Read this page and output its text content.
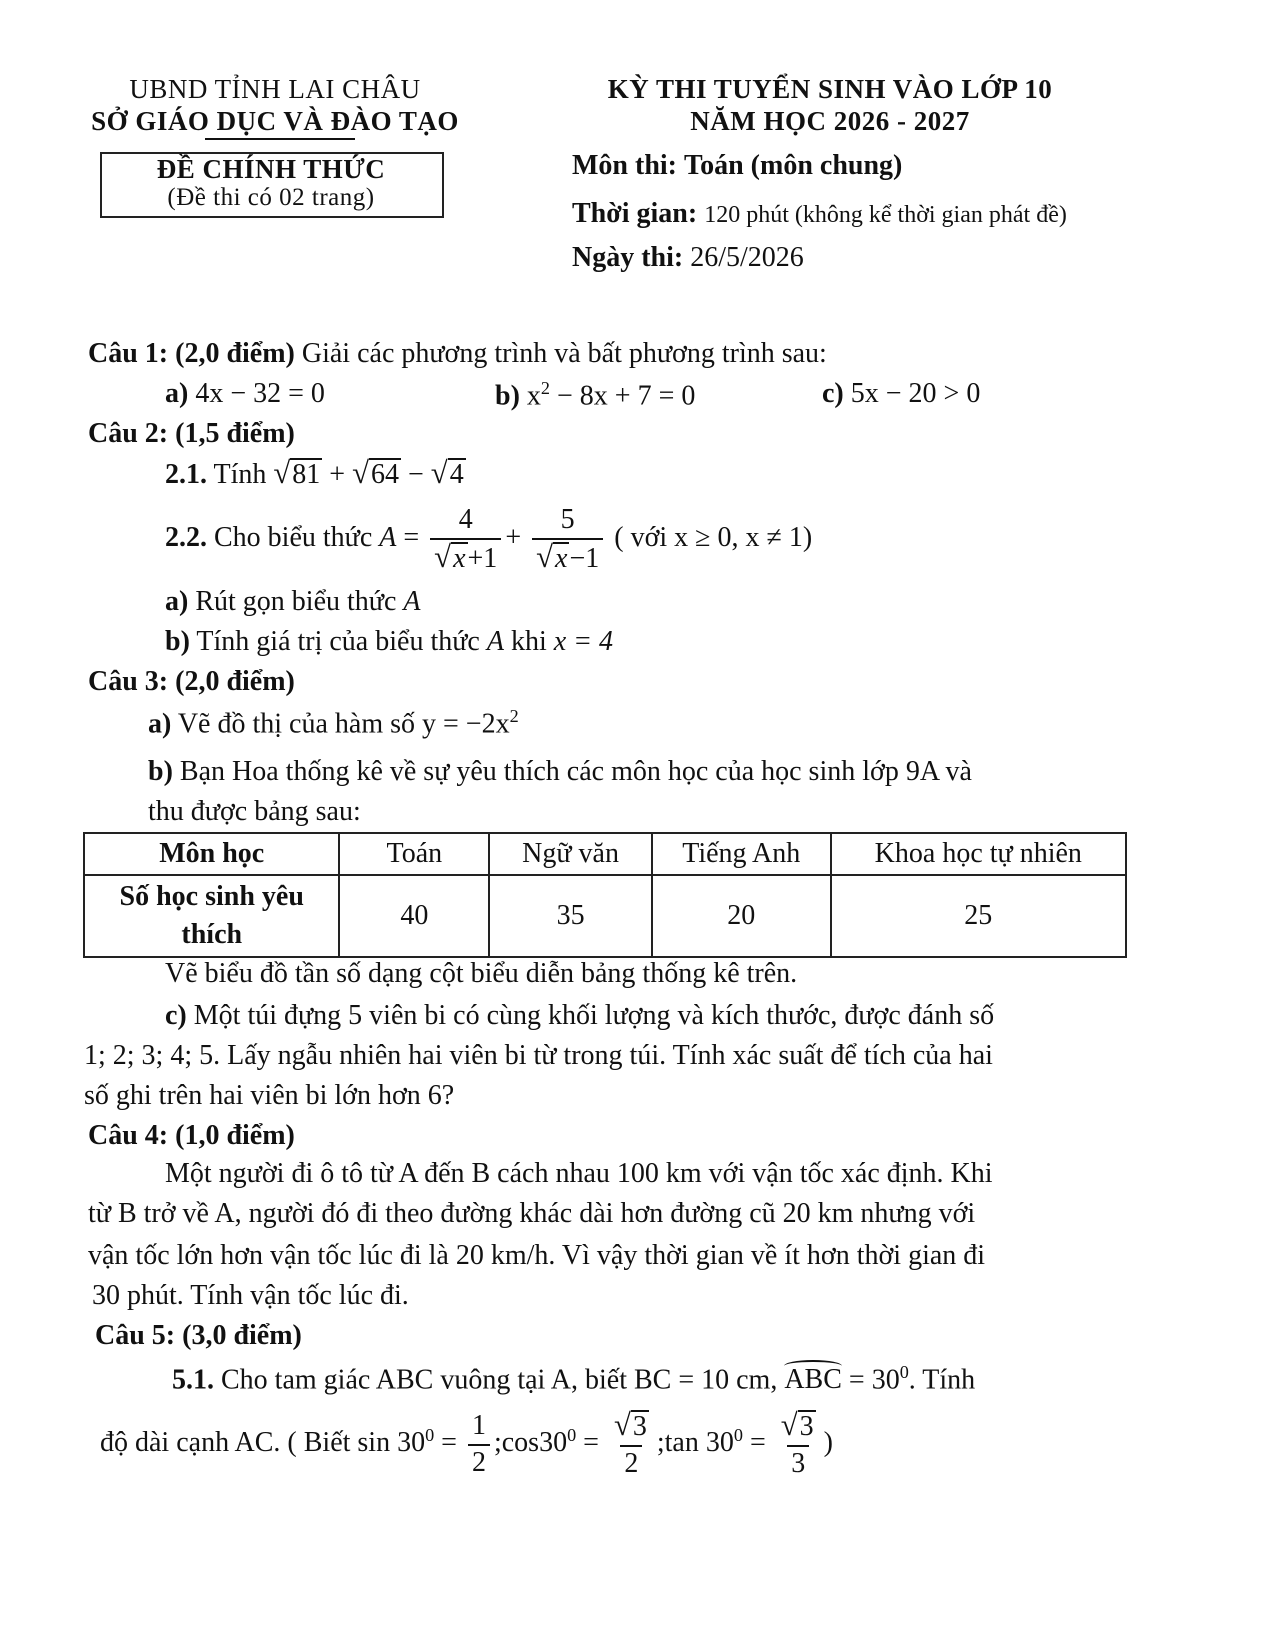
UBND TỈNH LAI CHÂU
SỞ GIÁO DỤC VÀ ĐÀO TẠO
ĐỀ CHÍNH THỨC
(Đề thi có 02 trang)
KỲ THI TUYỂN SINH VÀO LỚP 10
NĂM HỌC 2026 - 2027
Môn thi: Toán (môn chung)
Thời gian: 120 phút (không kể thời gian phát đề)
Ngày thi: 26/5/2026
Câu 1: (2,0 điểm) Giải các phương trình và bất phương trình sau:
a) 4x − 32 = 0	b) $x^2 - 8x + 7 = 0$	c) 5x − 20 > 0
Câu 2: (1,5 điểm)
2.1. Tính √ 81 + √ 64 − √ 4
2.2. Cho biểu thức $A = \frac{4}{√ x +1} + \frac{5}{√ x -1}$ ( với x ≥ 0, x ≠ 1)
a) Rút gọn biểu thức A
b) Tính giá trị của biểu thức A khi x = 4
Câu 3: (2,0 điểm)
a) Vẽ đồ thị của hàm số $y = -2x^2$
b) Bạn Hoa thống kê về sự yêu thích các môn học của học sinh lớp 9A và
thu được bảng sau:
Môn học	Toán	Ngữ văn	Tiếng Anh	Khoa học tự nhiên
Số học sinh yêu
thích	40	35	20	25
Vẽ biểu đồ tần số dạng cột biểu diễn bảng thống kê trên.
c) Một túi đựng 5 viên bi có cùng khối lượng và kích thước, được đánh số
1; 2; 3; 4; 5. Lấy ngẫu nhiên hai viên bi từ trong túi. Tính xác suất để tích của hai
số ghi trên hai viên bi lớn hơn 6?
Câu 4: (1,0 điểm)
Một người đi ô tô từ A đến B cách nhau 100 km với vận tốc xác định. Khi
từ B trở về A, người đó đi theo đường khác dài hơn đường cũ 20 km nhưng với
vận tốc lớn hơn vận tốc lúc đi là 20 km/h. Vì vậy thời gian về ít hơn thời gian đi
30 phút. Tính vận tốc lúc đi.
Câu 5: (3,0 điểm)
5.1. Cho tam giác ABC vuông tại A, biết BC = 10 cm, ABC = $30^0$. Tính
độ dài cạnh AC. ( Biết $\sin 30^0 = \frac{1}{2}$ $;\cos 30^0 = \frac{√ 3}{2}$ ;tan $30^0 = \frac{√ 3}{3}$ )
